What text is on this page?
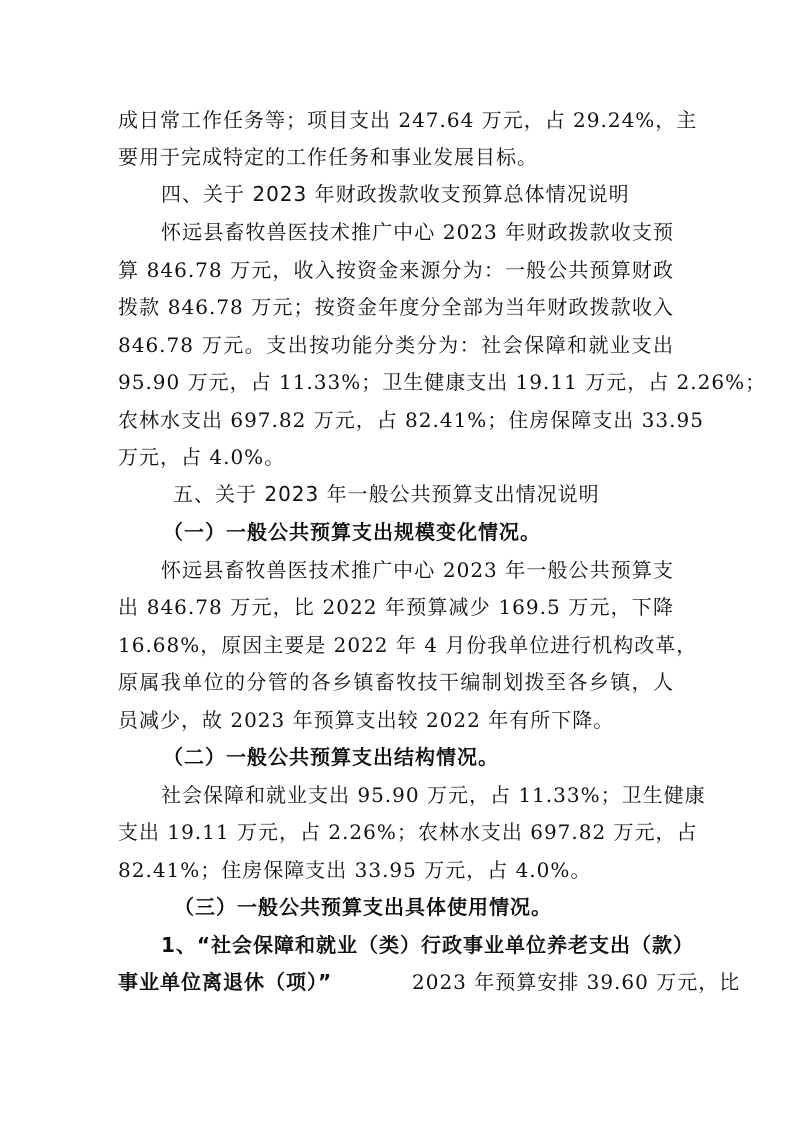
成日常工作任务等；项目支出 247.64 万元，占 29.24%，主
要用于完成特定的工作任务和事业发展目标。
四、关于 2023 年财政拨款收支预算总体情况说明
怀远县畜牧兽医技术推广中心 2023 年财政拨款收支预
算 846.78 万元，收入按资金来源分为：一般公共预算财政
拨款 846.78 万元；按资金年度分全部为当年财政拨款收入
846.78 万元。支出按功能分类分为：社会保障和就业支出
95.90 万元，占 11.33%；卫生健康支出 19.11 万元，占 2.26%；
农林水支出 697.82 万元，占 82.41%；住房保障支出 33.95
万元，占 4.0%。
五、关于 2023 年一般公共预算支出情况说明
（一）一般公共预算支出规模变化情况。
怀远县畜牧兽医技术推广中心 2023 年一般公共预算支
出 846.78 万元，比 2022 年预算减少 169.5 万元，下降
16.68%，原因主要是 2022 年 4 月份我单位进行机构改革，
原属我单位的分管的各乡镇畜牧技干编制划拨至各乡镇，人
员减少，故 2023 年预算支出较 2022 年有所下降。
（二）一般公共预算支出结构情况。
社会保障和就业支出 95.90 万元，占 11.33%；卫生健康
支出 19.11 万元，占 2.26%；农林水支出 697.82 万元，占
82.41%；住房保障支出 33.95 万元，占 4.0%。
（三）一般公共预算支出具体使用情况。
1、“社会保障和就业（类）行政事业单位养老支出（款）
事业单位离退休（项）”	2023 年预算安排 39.60 万元，比
